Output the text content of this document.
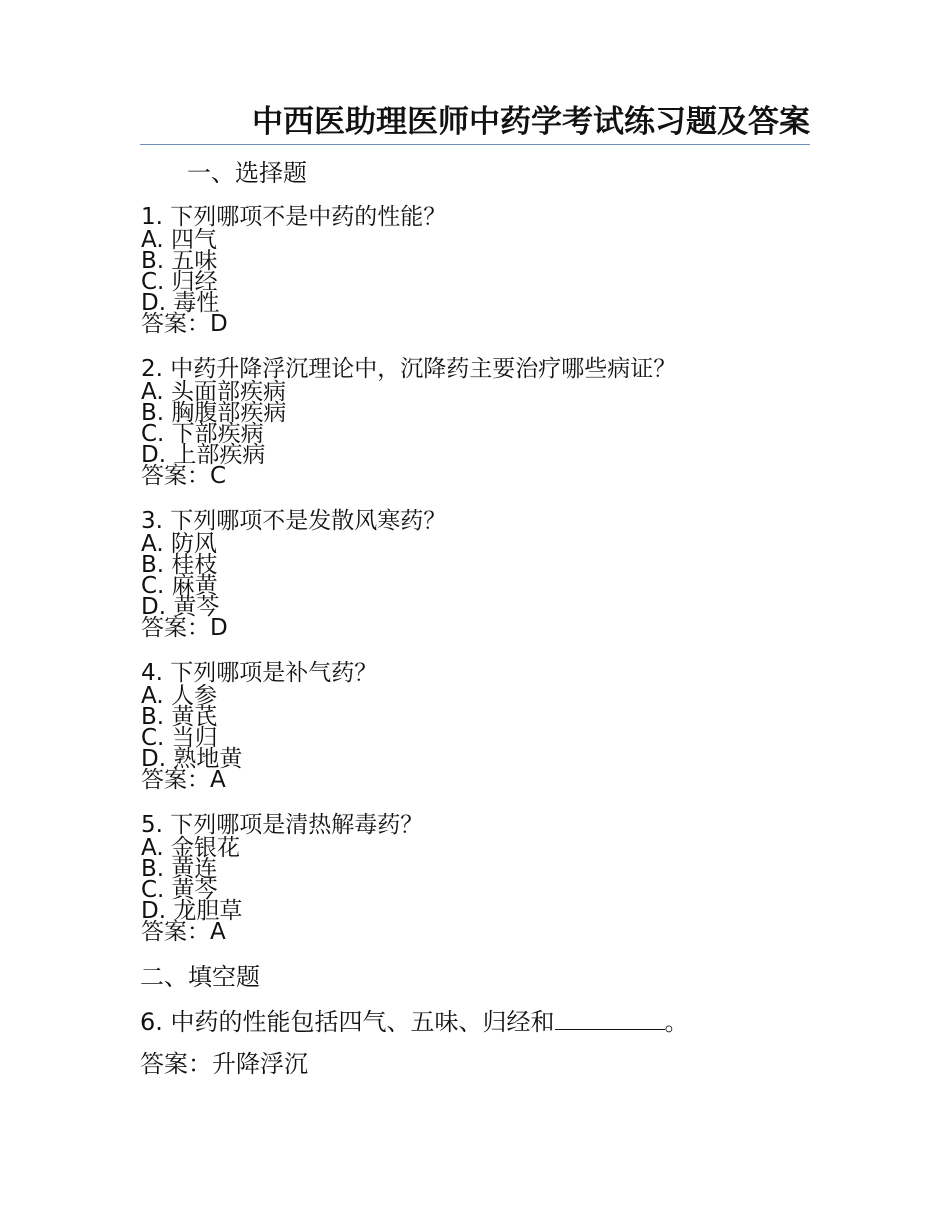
中西医助理医师中药学考试练习题及答案
一、选择题
1. 下列哪项不是中药的性能？
A. 四气
B. 五味
C. 归经
D. 毒性
答案：D
2. 中药升降浮沉理论中，沉降药主要治疗哪些病证？
A. 头面部疾病
B. 胸腹部疾病
C. 下部疾病
D. 上部疾病
答案：C
3. 下列哪项不是发散风寒药？
A. 防风
B. 桂枝
C. 麻黄
D. 黄芩
答案：D
4. 下列哪项是补气药？
A. 人参
B. 黄芪
C. 当归
D. 熟地黄
答案：A
5. 下列哪项是清热解毒药？
A. 金银花
B. 黄连
C. 黄芩
D. 龙胆草
答案：A
二、填空题
6. 中药的性能包括四气、五味、归经和	。
答案：升降浮沉
